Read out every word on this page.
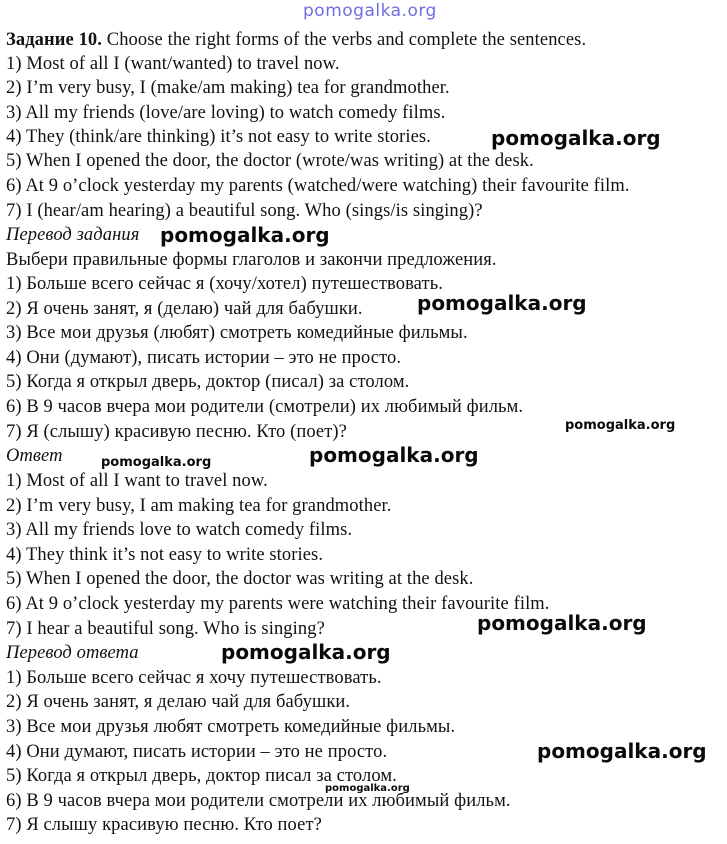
pomogalka.org
Задание 10. Choose the right forms of the verbs and complete the sentences.
1) Most of all I (want/wanted) to travel now.
2) I’m very busy, I (make/am making) tea for grandmother.
3) All my friends (love/are loving) to watch comedy films.
4) They (think/are thinking) it’s not easy to write stories.
5) When I opened the door, the doctor (wrote/was writing) at the desk.
6) At 9 o’clock yesterday my parents (watched/were watching) their favourite film.
7) I (hear/am hearing) a beautiful song. Who (sings/is singing)?
Перевод задания
Выбери правильные формы глаголов и закончи предложения.
1) Больше всего сейчас я (хочу/хотел) путешествовать.
2) Я очень занят, я (делаю) чай для бабушки.
3) Все мои друзья (любят) смотреть комедийные фильмы.
4) Они (думают), писать истории – это не просто.
5) Когда я открыл дверь, доктор (писал) за столом.
6) В 9 часов вчера мои родители (смотрели) их любимый фильм.
7) Я (слышу) красивую песню. Кто (поет)?
Ответ
1) Most of all I want to travel now.
2) I’m very busy, I am making tea for grandmother.
3) All my friends love to watch comedy films.
4) They think it’s not easy to write stories.
5) When I opened the door, the doctor was writing at the desk.
6) At 9 o’clock yesterday my parents were watching their favourite film.
7) I hear a beautiful song. Who is singing?
Перевод ответа
1) Больше всего сейчас я хочу путешествовать.
2) Я очень занят, я делаю чай для бабушки.
3) Все мои друзья любят смотреть комедийные фильмы.
4) Они думают, писать истории – это не просто.
5) Когда я открыл дверь, доктор писал за столом.
6) В 9 часов вчера мои родители смотрели их любимый фильм.
7) Я слышу красивую песню. Кто поет?
pomogalka.org
pomogalka.org
pomogalka.org
pomogalka.org
pomogalka.org	pomogalka.org
pomogalka.org
pomogalka.org
pomogalka.org
pomogalka.org
